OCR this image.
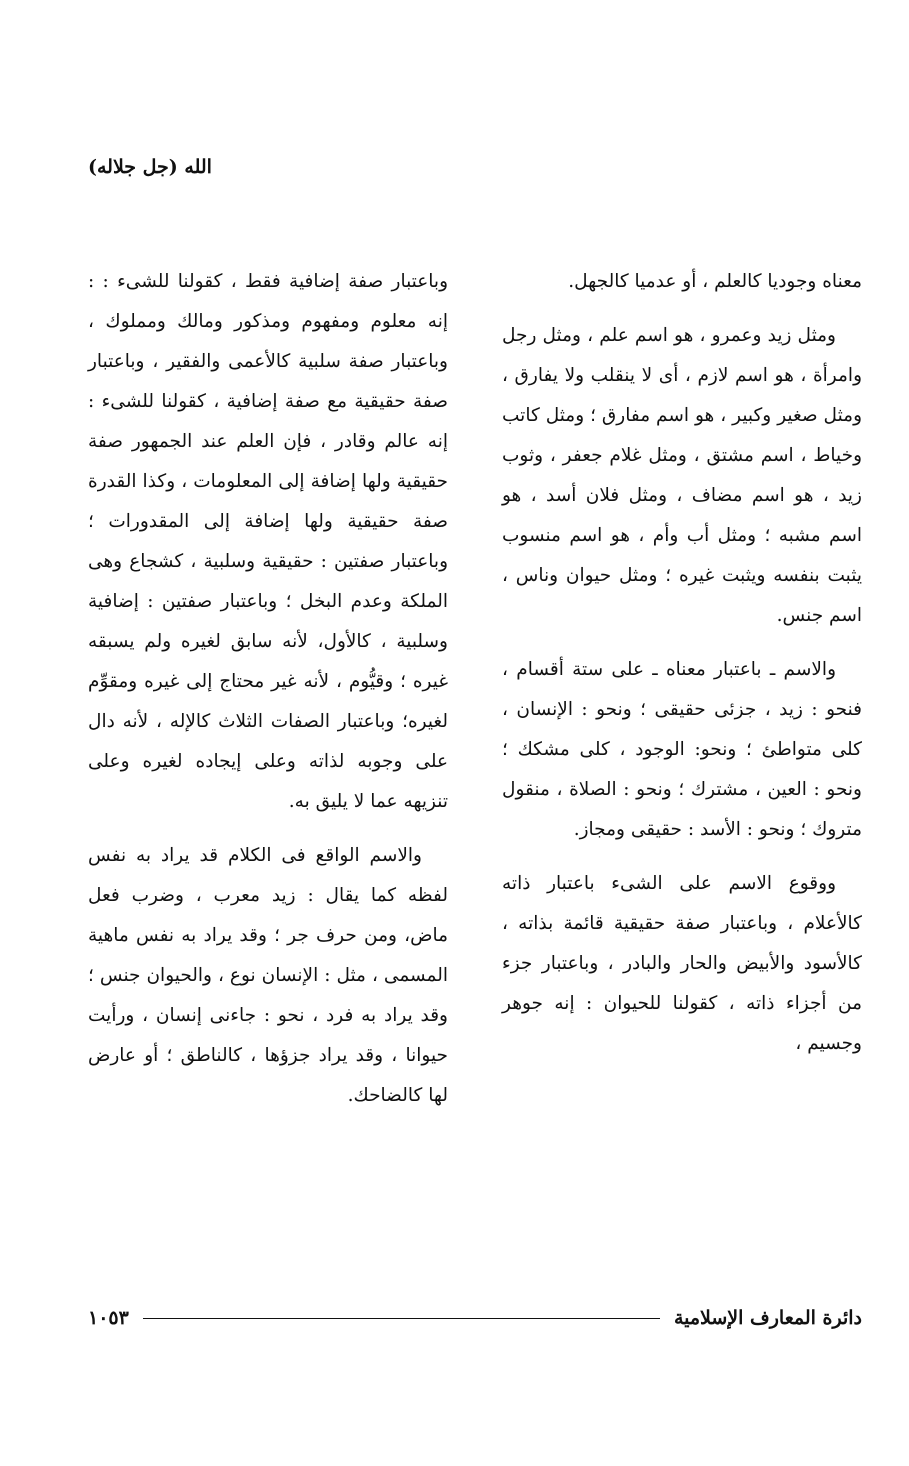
الله (جل جلاله)

معناه وجوديا كالعلم ، أو عدميا كالجهل.

ومثل زيد وعمرو ، هو اسم علم ، ومثل رجل وامرأة ، هو اسم لازم ، أى لا ينقلب ولا يفارق ، ومثل صغير وكبير ، هو اسم مفارق ؛ ومثل كاتب وخياط ، اسم مشتق ، ومثل غلام جعفر ، وثوب زيد ، هو اسم مضاف ، ومثل فلان أسد ، هو اسم مشبه ؛ ومثل أب وأم ، هو اسم منسوب يثبت بنفسه ويثبت غيره ؛ ومثل حيوان وناس ، اسم جنس.

والاسم ـ باعتبار معناه ـ على ستة أقسام ، فنحو : زيد ، جزئى حقيقى ؛ ونحو : الإنسان ، كلى متواطئ ؛ ونحو: الوجود ، كلى مشكك ؛ ونحو : العين ، مشترك ؛ ونحو : الصلاة ، منقول متروك ؛ ونحو : الأسد : حقيقى ومجاز.

ووقوع الاسم على الشىء باعتبار ذاته كالأعلام ، وباعتبار صفة حقيقية قائمة بذاته ، كالأسود والأبيض والحار والبادر ، وباعتبار جزء من أجزاء ذاته ، كقولنا للحيوان : إنه جوهر وجسيم ،

وباعتبار صفة إضافية فقط ، كقولنا للشىء : : إنه معلوم ومفهوم ومذكور ومالك ومملوك ، وباعتبار صفة سلبية كالأعمى والفقير ، وباعتبار صفة حقيقية مع صفة إضافية ، كقولنا للشىء : إنه عالم وقادر ، فإن العلم عند الجمهور صفة حقيقية ولها إضافة إلى المعلومات ، وكذا القدرة صفة حقيقية ولها إضافة إلى المقدورات ؛ وباعتبار صفتين : حقيقية وسلبية ، كشجاع وهى الملكة وعدم البخل ؛ وباعتبار صفتين : إضافية وسلبية ، كالأول، لأنه سابق لغيره ولم يسبقه غيره ؛ وقيُّوم ، لأنه غير محتاج إلى غيره ومقوِّم لغيره؛ وباعتبار الصفات الثلاث كالإله ، لأنه دال على وجوبه لذاته وعلى إيجاده لغيره وعلى تنزيهه عما لا يليق به.

والاسم الواقع فى الكلام قد يراد به نفس لفظه كما يقال : زيد معرب ، وضرب فعل ماض، ومن حرف جر ؛ وقد يراد به نفس ماهية المسمى ، مثل : الإنسان نوع ، والحيوان جنس ؛ وقد يراد به فرد ، نحو : جاءنى إنسان ، ورأيت حيوانا ، وقد يراد جزؤها ، كالناطق ؛ أو عارض لها كالضاحك.

دائرة المعارف الإسلامية
١٠٥٣
